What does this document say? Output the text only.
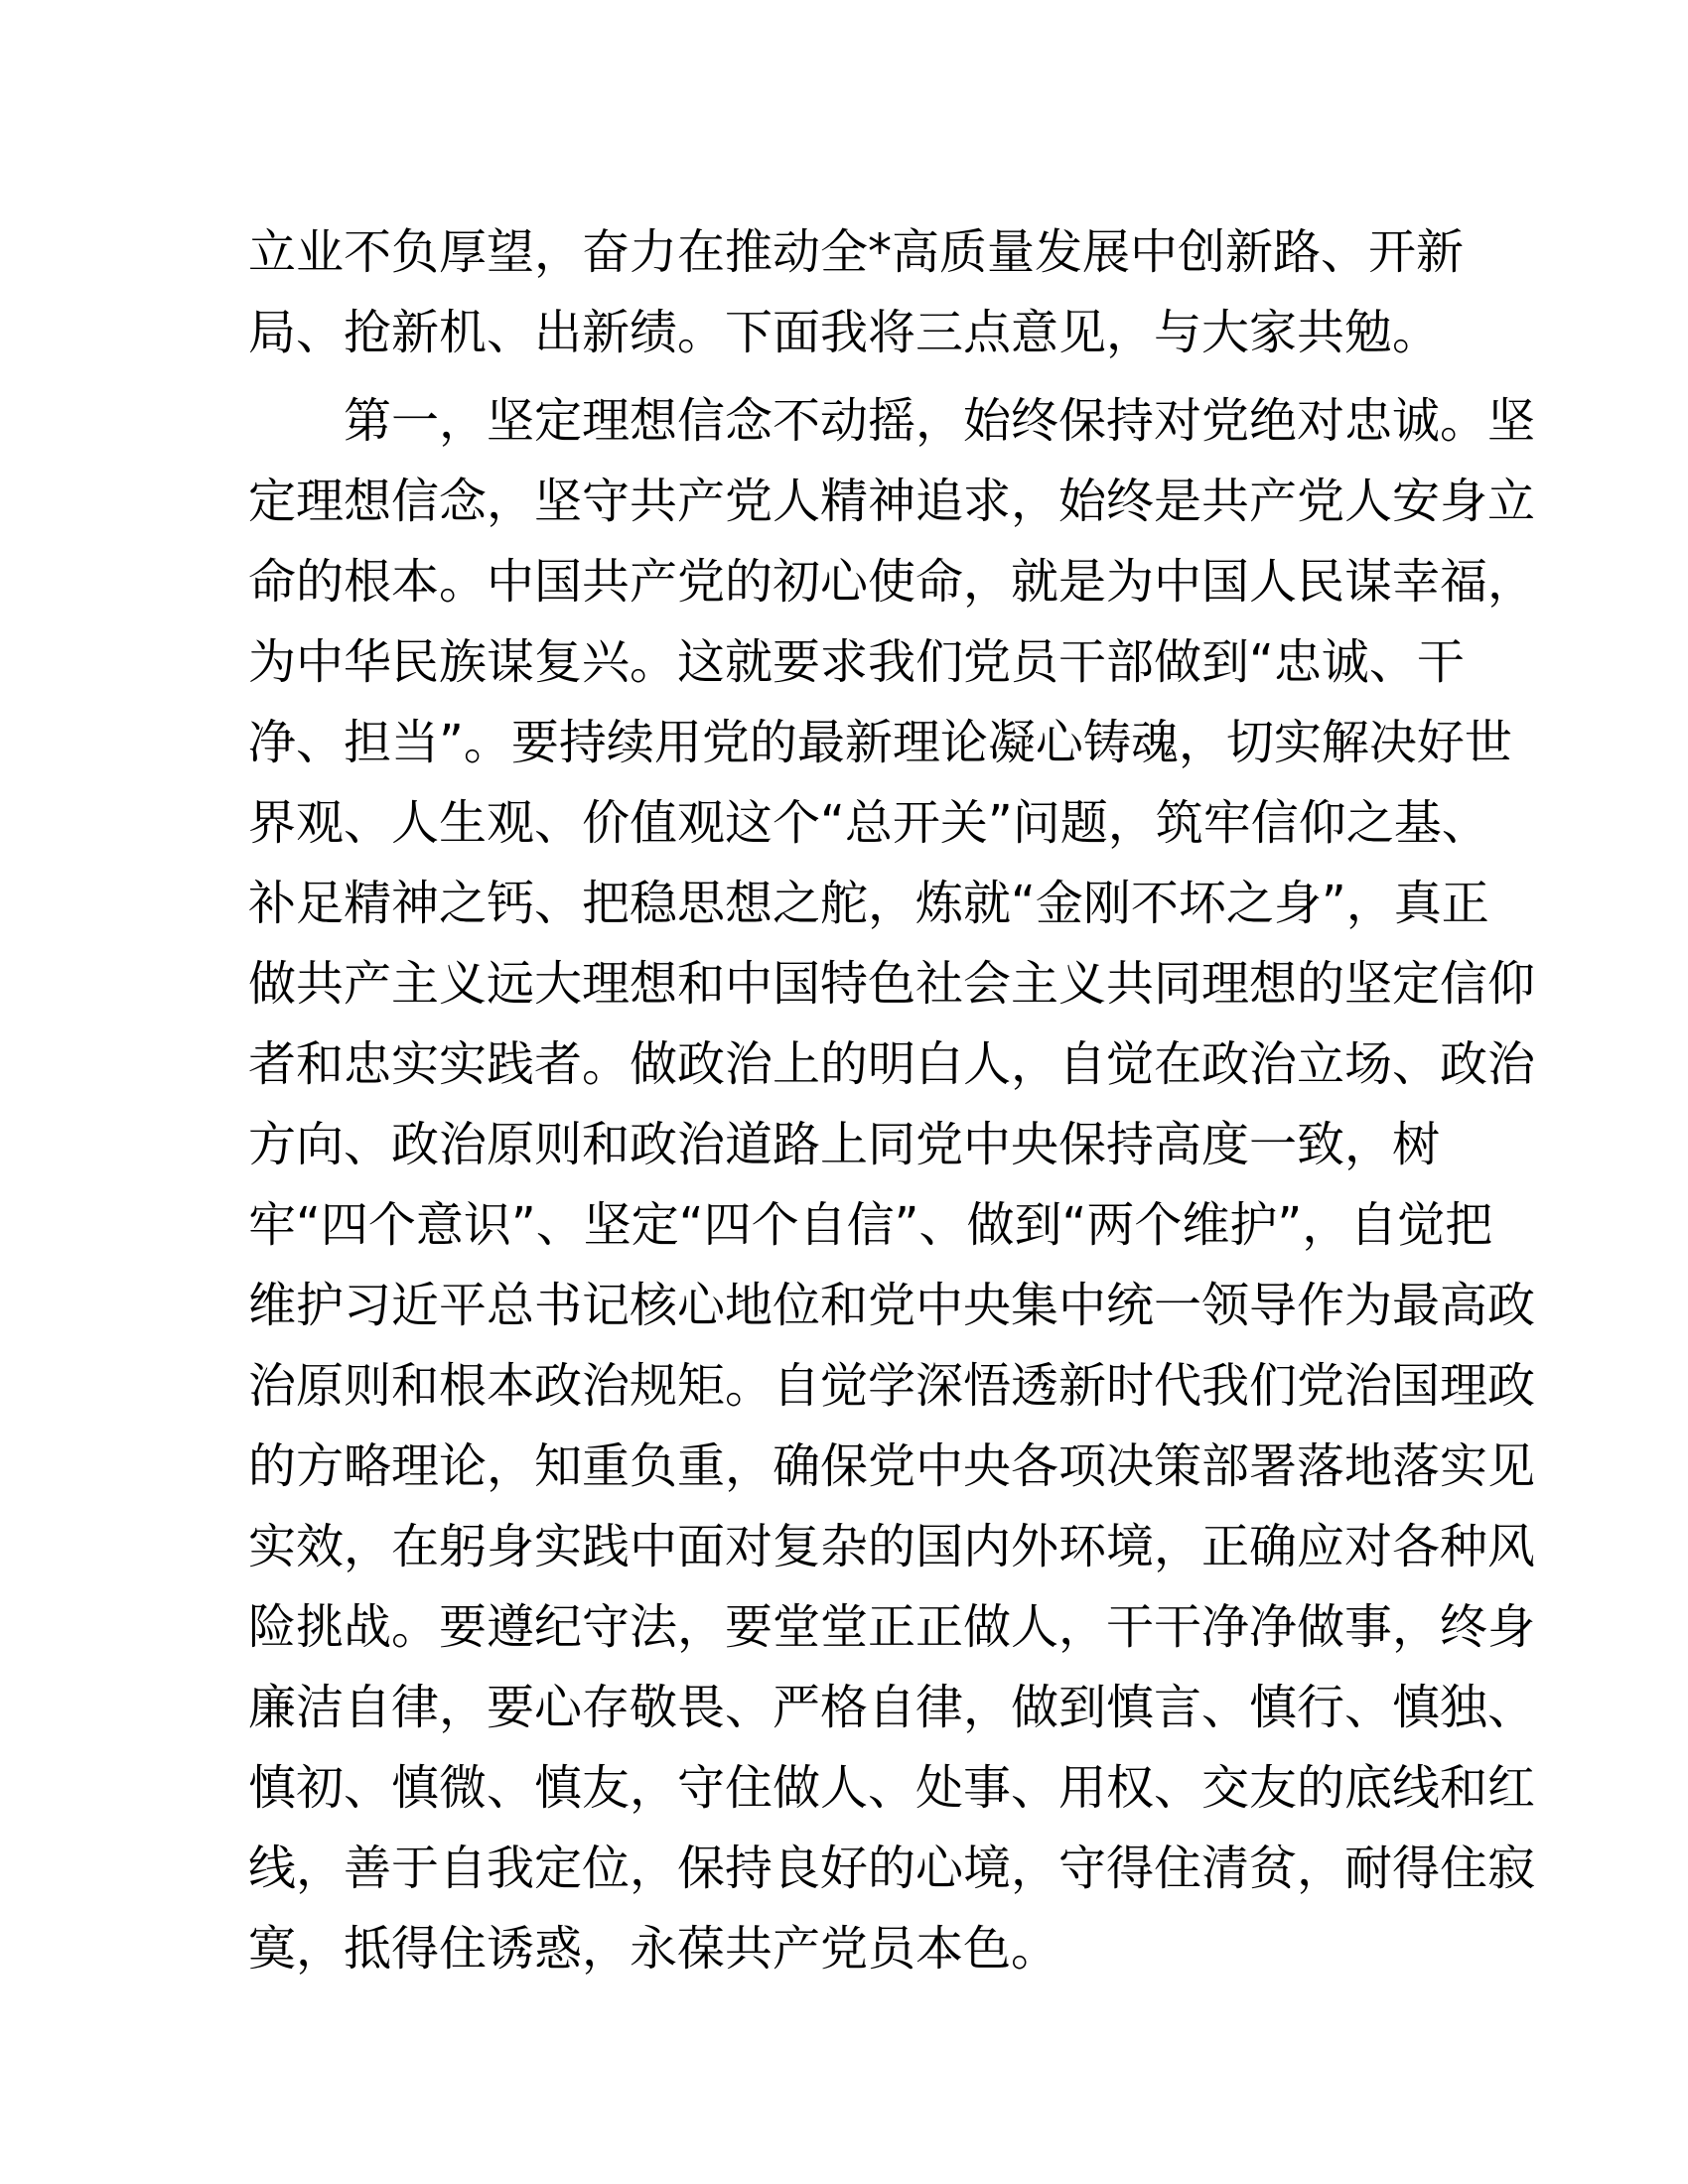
立业不负厚望，奋力在推动全*高质量发展中创新路、开新

局、抢新机、出新绩。下面我将三点意见，与大家共勉。

第一，坚定理想信念不动摇，始终保持对党绝对忠诚。坚

定理想信念，坚守共产党人精神追求，始终是共产党人安身立

命的根本。中国共产党的初心使命，就是为中国人民谋幸福，

为中华民族谋复兴。这就要求我们党员干部做到“忠诚、干

净、担当”。要持续用党的最新理论凝心铸魂，切实解决好世

界观、人生观、价值观这个“总开关”问题，筑牢信仰之基、

补足精神之钙、把稳思想之舵，炼就“金刚不坏之身”，真正

做共产主义远大理想和中国特色社会主义共同理想的坚定信仰

者和忠实实践者。做政治上的明白人，自觉在政治立场、政治

方向、政治原则和政治道路上同党中央保持高度一致，树

牢“四个意识”、坚定“四个自信”、做到“两个维护”，自觉把

维护习近平总书记核心地位和党中央集中统一领导作为最高政

治原则和根本政治规矩。自觉学深悟透新时代我们党治国理政

的方略理论，知重负重，确保党中央各项决策部署落地落实见

实效，在躬身实践中面对复杂的国内外环境，正确应对各种风

险挑战。要遵纪守法，要堂堂正正做人，干干净净做事，终身

廉洁自律，要心存敬畏、严格自律，做到慎言、慎行、慎独、

慎初、慎微、慎友，守住做人、处事、用权、交友的底线和红

线，善于自我定位，保持良好的心境，守得住清贫，耐得住寂

寞，抵得住诱惑，永葆共产党员本色。
